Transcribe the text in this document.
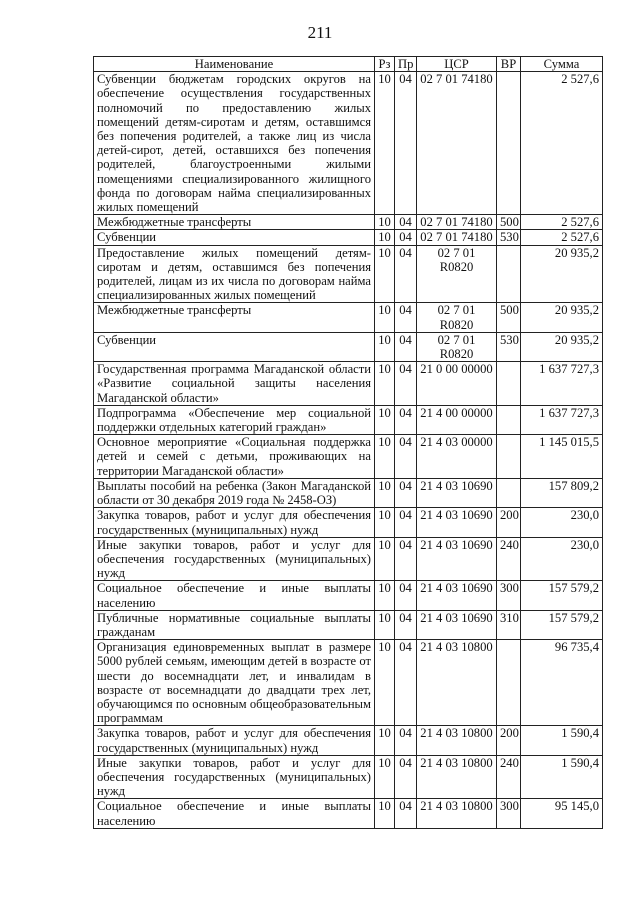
211
Наименование	Рз	Пр	ЦСР	ВР	Сумма
Субвенции бюджетам городских округов на обеспечение осуществления государственных полномочий по предоставлению жилых помещений детям-сиротам и детям, оставшимся без попечения родителей, а также лиц из числа детей-сирот, детей, оставшихся без попечения родителей, благоустроенными жилыми помещениями специализированного жилищного фонда по договорам найма специализированных жилых помещений	10	04	02 7 01 74180		2 527,6
Межбюджетные трансферты	10	04	02 7 01 74180	500	2 527,6
Субвенции	10	04	02 7 01 74180	530	2 527,6
Предоставление жилых помещений детям-сиротам и детям, оставшимся без попечения родителей, лицам из их числа по договорам найма специализированных жилых помещений	10	04	02 7 01 R0820		20 935,2
Межбюджетные трансферты	10	04	02 7 01 R0820	500	20 935,2
Субвенции	10	04	02 7 01 R0820	530	20 935,2
Государственная программа Магаданской области «Развитие социальной защиты населения Магаданской области»	10	04	21 0 00 00000		1 637 727,3
Подпрограмма «Обеспечение мер социальной поддержки отдельных категорий граждан»	10	04	21 4 00 00000		1 637 727,3
Основное мероприятие «Социальная поддержка детей и семей с детьми, проживающих на территории Магаданской области»	10	04	21 4 03 00000		1 145 015,5
Выплаты пособий на ребенка (Закон Магаданской области от 30 декабря 2019 года № 2458-ОЗ)	10	04	21 4 03 10690		157 809,2
Закупка товаров, работ и услуг для обеспечения государственных (муниципальных) нужд	10	04	21 4 03 10690	200	230,0
Иные закупки товаров, работ и услуг для обеспечения государственных (муниципальных) нужд	10	04	21 4 03 10690	240	230,0
Социальное обеспечение и иные выплаты населению	10	04	21 4 03 10690	300	157 579,2
Публичные нормативные социальные выплаты гражданам	10	04	21 4 03 10690	310	157 579,2
Организация единовременных выплат в размере 5000 рублей семьям, имеющим детей в возрасте от шести до восемнадцати лет, и инвалидам в возрасте от восемнадцати до двадцати трех лет, обучающимся по основным общеобразовательным программам	10	04	21 4 03 10800		96 735,4
Закупка товаров, работ и услуг для обеспечения государственных (муниципальных) нужд	10	04	21 4 03 10800	200	1 590,4
Иные закупки товаров, работ и услуг для обеспечения государственных (муниципальных) нужд	10	04	21 4 03 10800	240	1 590,4
Социальное обеспечение и иные выплаты населению	10	04	21 4 03 10800	300	95 145,0
